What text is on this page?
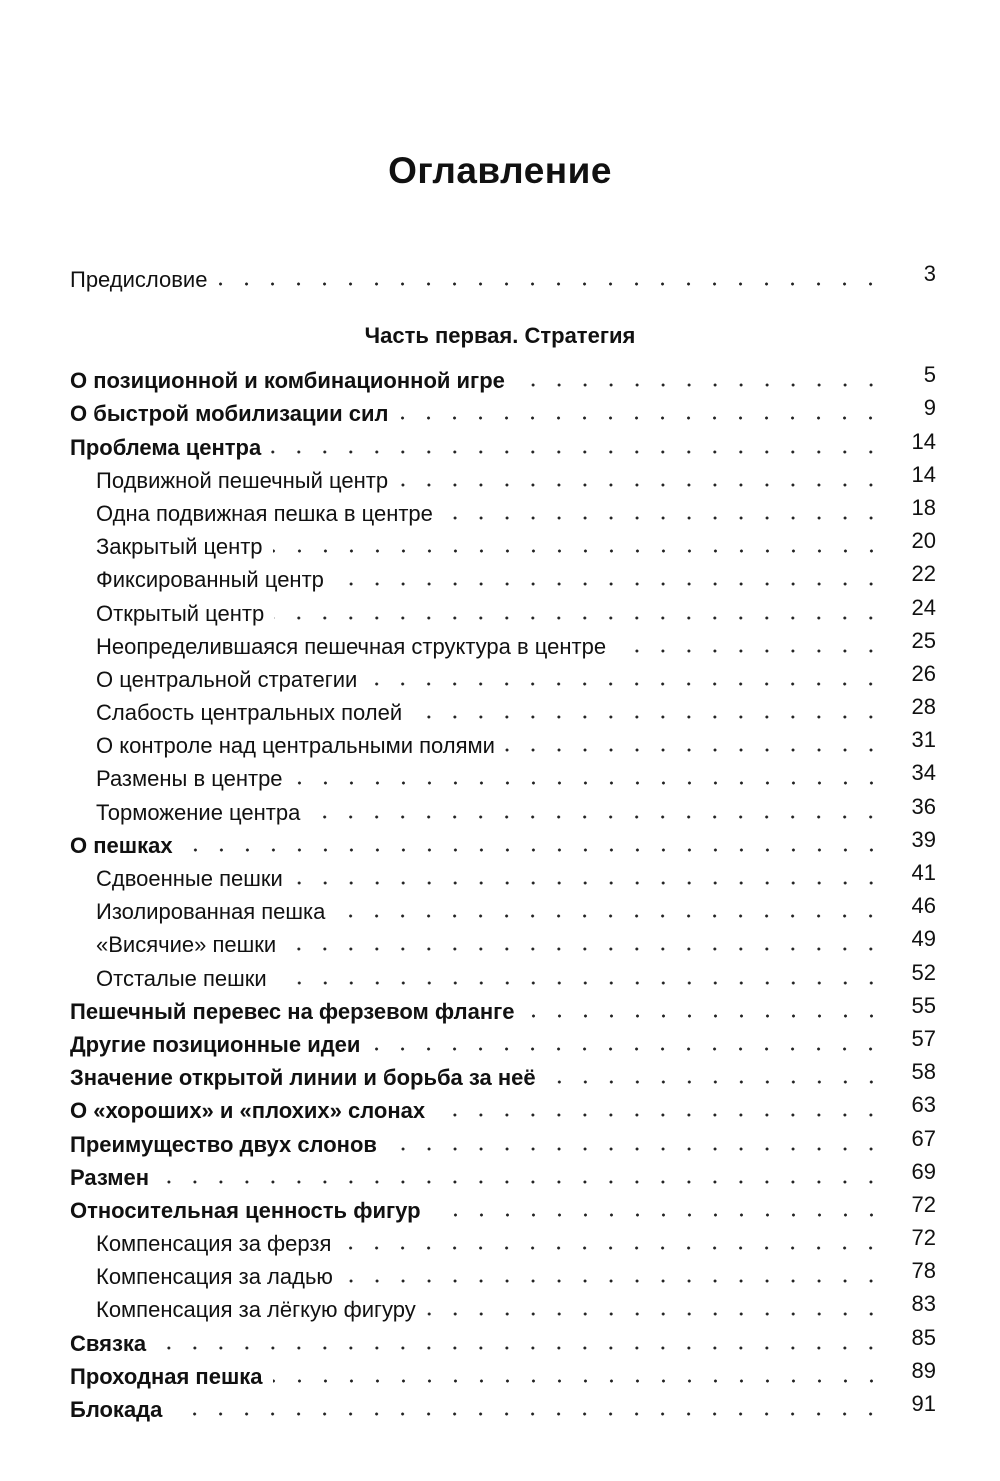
Оглавление
Предисловие	3
Часть первая. Стратегия
О позиционной и комбинационной игре	5
О быстрой мобилизации сил	9
Проблема центра	14
Подвижной пешечный центр	14
Одна подвижная пешка в центре	18
Закрытый центр	20
Фиксированный центр	22
Открытый центр	24
Неопределившаяся пешечная структура в центре	25
О центральной стратегии	26
Слабость центральных полей	28
О контроле над центральными полями	31
Размены в центре	34
Торможение центра	36
О пешках	39
Сдвоенные пешки	41
Изолированная пешка	46
«Висячие» пешки	49
Отсталые пешки	52
Пешечный перевес на ферзевом фланге	55
Другие позиционные идеи	57
Значение открытой линии и борьба за неё	58
О «хороших» и «плохих» слонах	63
Преимущество двух слонов	67
Размен	69
Относительная ценность фигур	72
Компенсация за ферзя	72
Компенсация за ладью	78
Компенсация за лёгкую фигуру	83
Связка	85
Проходная пешка	89
Блокада	91
